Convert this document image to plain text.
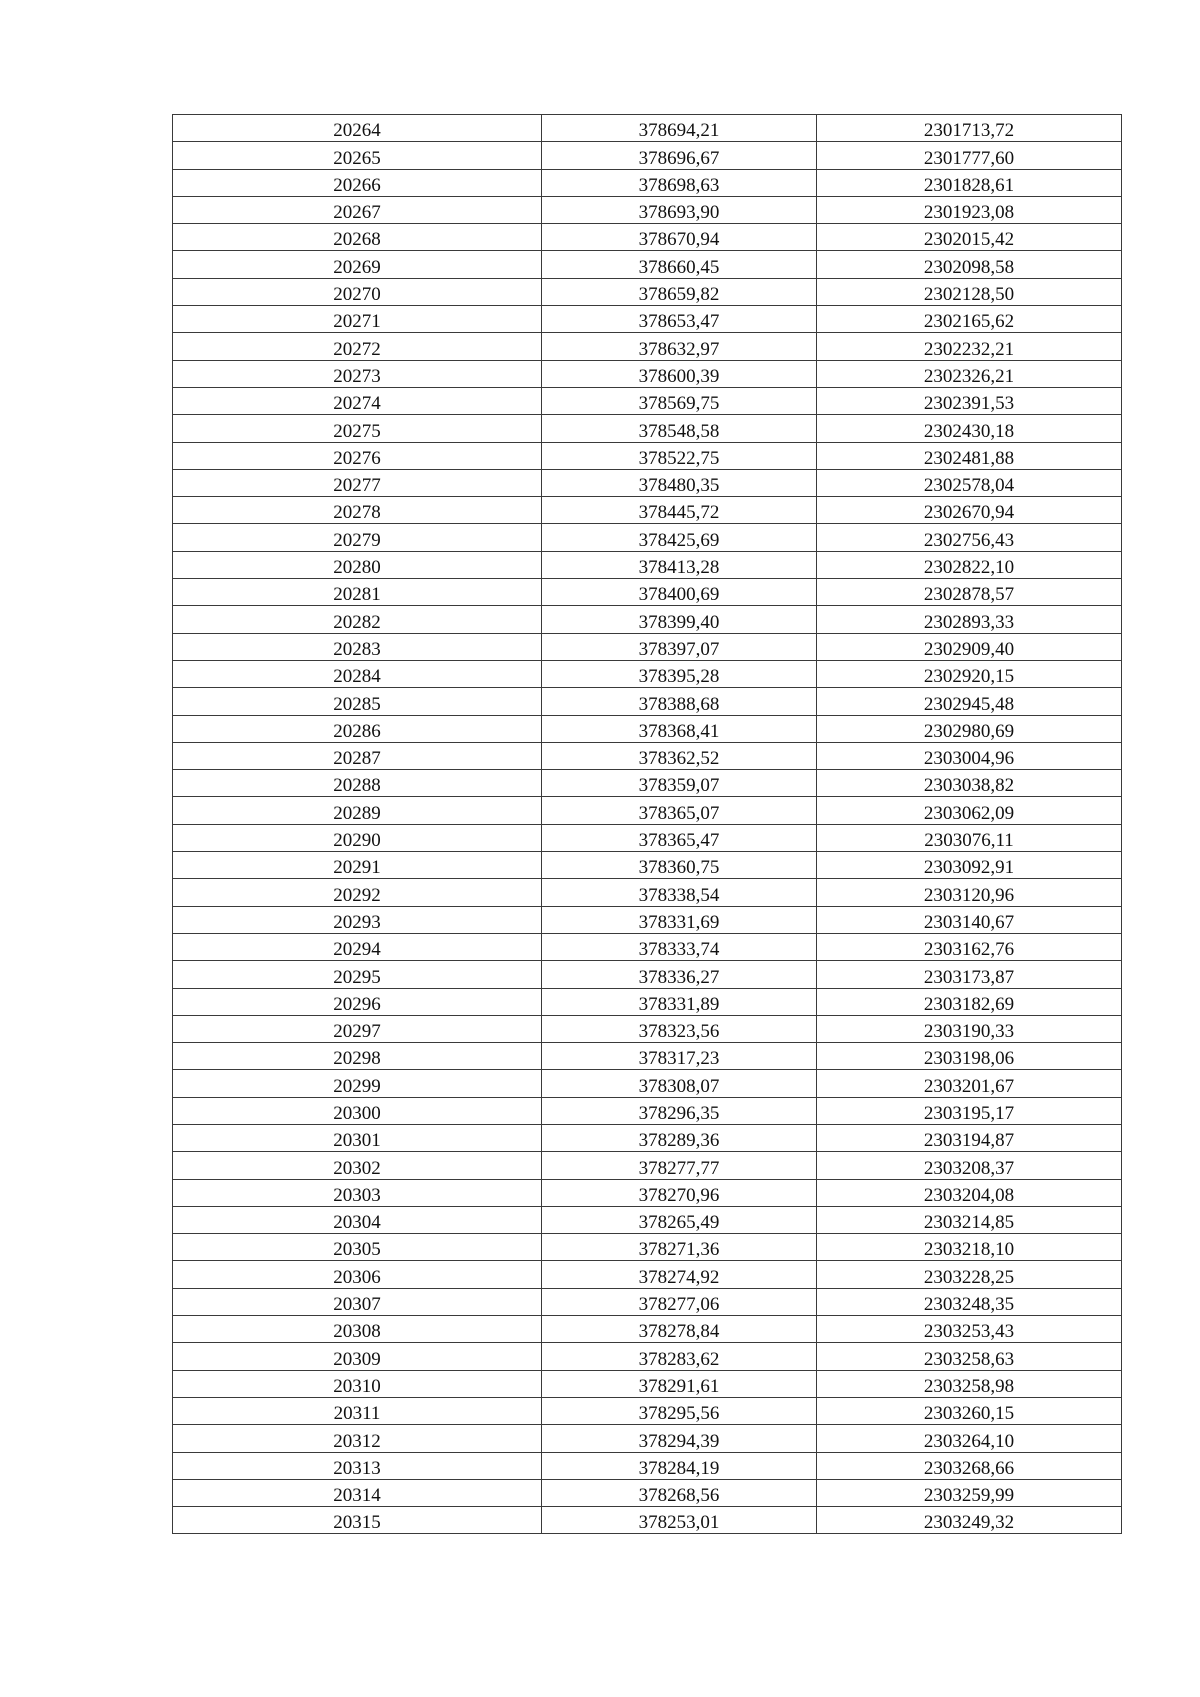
20264	378694,21	2301713,72
20265	378696,67	2301777,60
20266	378698,63	2301828,61
20267	378693,90	2301923,08
20268	378670,94	2302015,42
20269	378660,45	2302098,58
20270	378659,82	2302128,50
20271	378653,47	2302165,62
20272	378632,97	2302232,21
20273	378600,39	2302326,21
20274	378569,75	2302391,53
20275	378548,58	2302430,18
20276	378522,75	2302481,88
20277	378480,35	2302578,04
20278	378445,72	2302670,94
20279	378425,69	2302756,43
20280	378413,28	2302822,10
20281	378400,69	2302878,57
20282	378399,40	2302893,33
20283	378397,07	2302909,40
20284	378395,28	2302920,15
20285	378388,68	2302945,48
20286	378368,41	2302980,69
20287	378362,52	2303004,96
20288	378359,07	2303038,82
20289	378365,07	2303062,09
20290	378365,47	2303076,11
20291	378360,75	2303092,91
20292	378338,54	2303120,96
20293	378331,69	2303140,67
20294	378333,74	2303162,76
20295	378336,27	2303173,87
20296	378331,89	2303182,69
20297	378323,56	2303190,33
20298	378317,23	2303198,06
20299	378308,07	2303201,67
20300	378296,35	2303195,17
20301	378289,36	2303194,87
20302	378277,77	2303208,37
20303	378270,96	2303204,08
20304	378265,49	2303214,85
20305	378271,36	2303218,10
20306	378274,92	2303228,25
20307	378277,06	2303248,35
20308	378278,84	2303253,43
20309	378283,62	2303258,63
20310	378291,61	2303258,98
20311	378295,56	2303260,15
20312	378294,39	2303264,10
20313	378284,19	2303268,66
20314	378268,56	2303259,99
20315	378253,01	2303249,32
